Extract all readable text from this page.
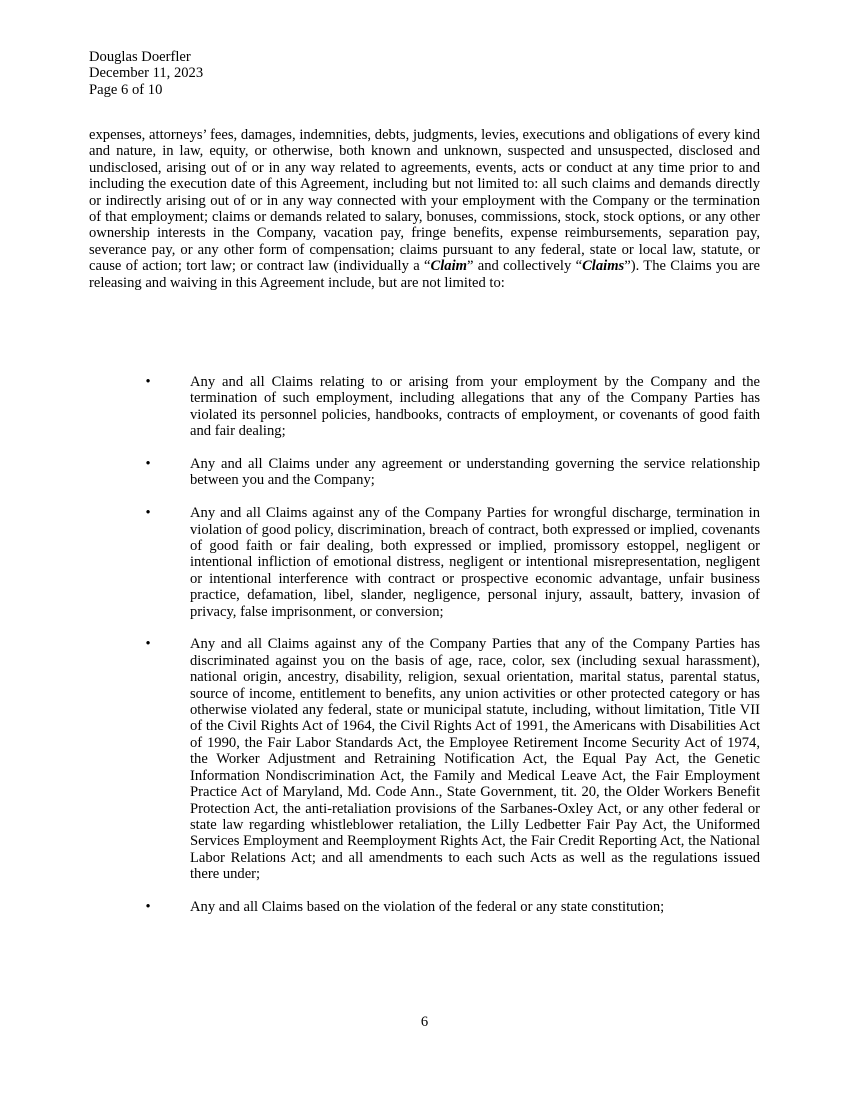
Douglas Doerfler
December 11, 2023
Page 6 of 10

expenses, attorneys’ fees, damages, indemnities, debts, judgments, levies, executions and obligations of every kind and nature, in law, equity, or otherwise, both known and unknown, suspected and unsuspected, disclosed and undisclosed, arising out of or in any way related to agreements, events, acts or conduct at any time prior to and including the execution date of this Agreement, including but not limited to: all such claims and demands directly or indirectly arising out of or in any way connected with your employment with the Company or the termination of that employment; claims or demands related to salary, bonuses, commissions, stock, stock options, or any other ownership interests in the Company, vacation pay, fringe benefits, expense reimbursements, separation pay, severance pay, or any other form of compensation; claims pursuant to any federal, state or local law, statute, or cause of action; tort law; or contract law (individually a “Claim” and collectively “Claims”). The Claims you are releasing and waiving in this Agreement include, but are not limited to:

•	Any and all Claims relating to or arising from your employment by the Company and the termination of such employment, including allegations that any of the Company Parties has violated its personnel policies, handbooks, contracts of employment, or covenants of good faith and fair dealing;
•	Any and all Claims under any agreement or understanding governing the service relationship between you and the Company;
•	Any and all Claims against any of the Company Parties for wrongful discharge, termination in violation of good policy, discrimination, breach of contract, both expressed or implied, covenants of good faith or fair dealing, both expressed or implied, promissory estoppel, negligent or intentional infliction of emotional distress, negligent or intentional misrepresentation, negligent or intentional interference with contract or prospective economic advantage, unfair business practice, defamation, libel, slander, negligence, personal injury, assault, battery, invasion of privacy, false imprisonment, or conversion;
•	Any and all Claims against any of the Company Parties that any of the Company Parties has discriminated against you on the basis of age, race, color, sex (including sexual harassment), national origin, ancestry, disability, religion, sexual orientation, marital status, parental status, source of income, entitlement to benefits, any union activities or other protected category or has otherwise violated any federal, state or municipal statute, including, without limitation, Title VII of the Civil Rights Act of 1964, the Civil Rights Act of 1991, the Americans with Disabilities Act of 1990, the Fair Labor Standards Act, the Employee Retirement Income Security Act of 1974, the Worker Adjustment and Retraining Notification Act, the Equal Pay Act, the Genetic Information Nondiscrimination Act, the Family and Medical Leave Act, the Fair Employment Practice Act of Maryland, Md. Code Ann., State Government, tit. 20, the Older Workers Benefit Protection Act, the anti-retaliation provisions of the Sarbanes-Oxley Act, or any other federal or state law regarding whistleblower retaliation, the Lilly Ledbetter Fair Pay Act, the Uniformed Services Employment and Reemployment Rights Act, the Fair Credit Reporting Act, the National Labor Relations Act; and all amendments to each such Acts as well as the regulations issued there under;
•	Any and all Claims based on the violation of the federal or any state constitution;
6
